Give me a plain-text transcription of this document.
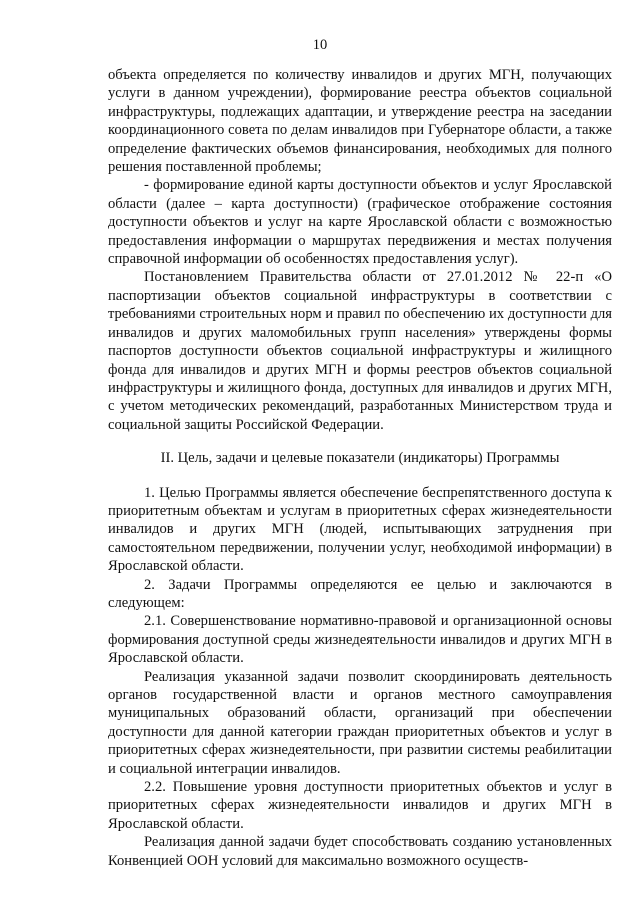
10

объекта определяется по количеству инвалидов и других МГН, получающих услуги в данном учреждении), формирование реестра объектов социальной инфраструктуры, подлежащих адаптации, и утверждение реестра на заседании координационного совета по делам инвалидов при Губернаторе области, а также определение фактических объемов финансирования, необходимых для полного решения поставленной проблемы;

- формирование единой карты доступности объектов и услуг Ярославской области (далее – карта доступности) (графическое отображение состояния доступности объектов и услуг на карте Ярославской области с возможностью предоставления информации о маршрутах передвижения и местах получения справочной информации об особенностях предоставления услуг).

Постановлением Правительства области от 27.01.2012 № 22-п «О паспортизации объектов социальной инфраструктуры в соответствии с требованиями строительных норм и правил по обеспечению их доступности для инвалидов и других маломобильных групп населения» утверждены формы паспортов доступности объектов социальной инфраструктуры и жилищного фонда для инвалидов и других МГН и формы реестров объектов социальной инфраструктуры и жилищного фонда, доступных для инвалидов и других МГН, с учетом методических рекомендаций, разработанных Министерством труда и социальной защиты Российской Федерации.

II. Цель, задачи и целевые показатели (индикаторы) Программы

1. Целью Программы является обеспечение беспрепятственного доступа к приоритетным объектам и услугам в приоритетных сферах жизнедеятельности инвалидов и других МГН (людей, испытывающих затруднения при самостоятельном передвижении, получении услуг, необходимой информации) в Ярославской области.

2. Задачи Программы определяются ее целью и заключаются в следующем:

2.1. Совершенствование нормативно-правовой и организационной основы формирования доступной среды жизнедеятельности инвалидов и других МГН в Ярославской области.

Реализация указанной задачи позволит скоординировать деятельность органов государственной власти и органов местного самоуправления муниципальных образований области, организаций при обеспечении доступности для данной категории граждан приоритетных объектов и услуг в приоритетных сферах жизнедеятельности, при развитии системы реабилитации и социальной интеграции инвалидов.

2.2. Повышение уровня доступности приоритетных объектов и услуг в приоритетных сферах жизнедеятельности инвалидов и других МГН в Ярославской области.

Реализация данной задачи будет способствовать созданию установленных Конвенцией ООН условий для максимально возможного осуществ-
